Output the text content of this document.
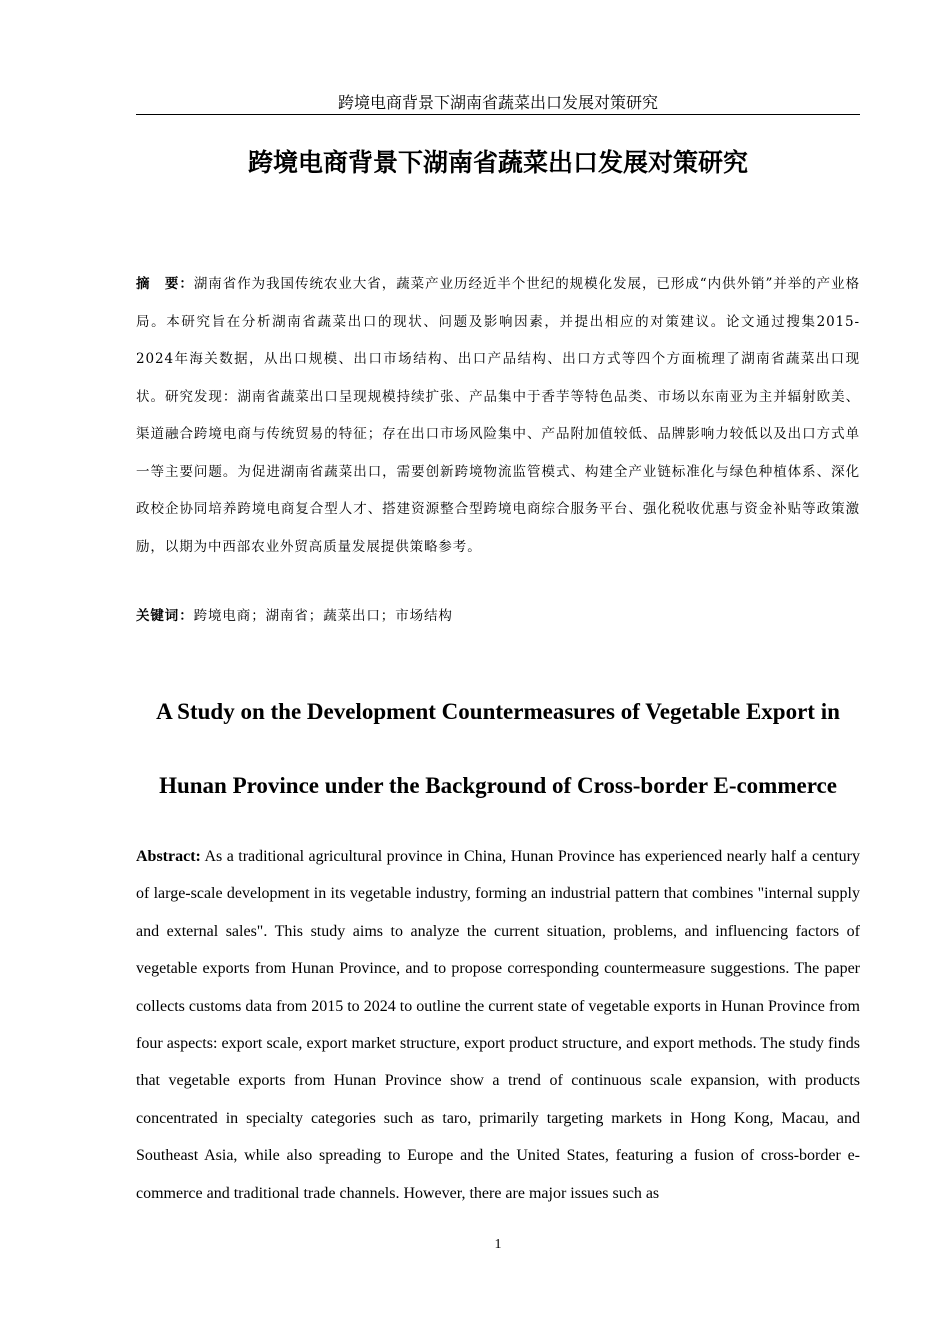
跨境电商背景下湖南省蔬菜出口发展对策研究
跨境电商背景下湖南省蔬菜出口发展对策研究
摘　要：湖南省作为我国传统农业大省，蔬菜产业历经近半个世纪的规模化发展，已形成“内供外销”并举的产业格局。本研究旨在分析湖南省蔬菜出口的现状、问题及影响因素，并提出相应的对策建议。论文通过搜集2015-2024年海关数据，从出口规模、出口市场结构、出口产品结构、出口方式等四个方面梳理了湖南省蔬菜出口现状。研究发现：湖南省蔬菜出口呈现规模持续扩张、产品集中于香芋等特色品类、市场以东南亚为主并辐射欧美、渠道融合跨境电商与传统贸易的特征；存在出口市场风险集中、产品附加值较低、品牌影响力较低以及出口方式单一等主要问题。为促进湖南省蔬菜出口，需要创新跨境物流监管模式、构建全产业链标准化与绿色种植体系、深化政校企协同培养跨境电商复合型人才、搭建资源整合型跨境电商综合服务平台、强化税收优惠与资金补贴等政策激励，以期为中西部农业外贸高质量发展提供策略参考。
关键词：跨境电商；湖南省；蔬菜出口；市场结构
A Study on the Development Countermeasures of Vegetable Export in
Hunan Province under the Background of Cross-border E-commerce
Abstract: As a traditional agricultural province in China, Hunan Province has experienced nearly half a century of large-scale development in its vegetable industry, forming an industrial pattern that combines "internal supply and external sales". This study aims to analyze the current situation, problems, and influencing factors of vegetable exports from Hunan Province, and to propose corresponding countermeasure suggestions. The paper collects customs data from 2015 to 2024 to outline the current state of vegetable exports in Hunan Province from four aspects: export scale, export market structure, export product structure, and export methods. The study finds that vegetable exports from Hunan Province show a trend of continuous scale expansion, with products concentrated in specialty categories such as taro, primarily targeting markets in Hong Kong, Macau, and Southeast Asia, while also spreading to Europe and the United States, featuring a fusion of cross-border e-commerce and traditional trade channels. However, there are major issues such as
1
